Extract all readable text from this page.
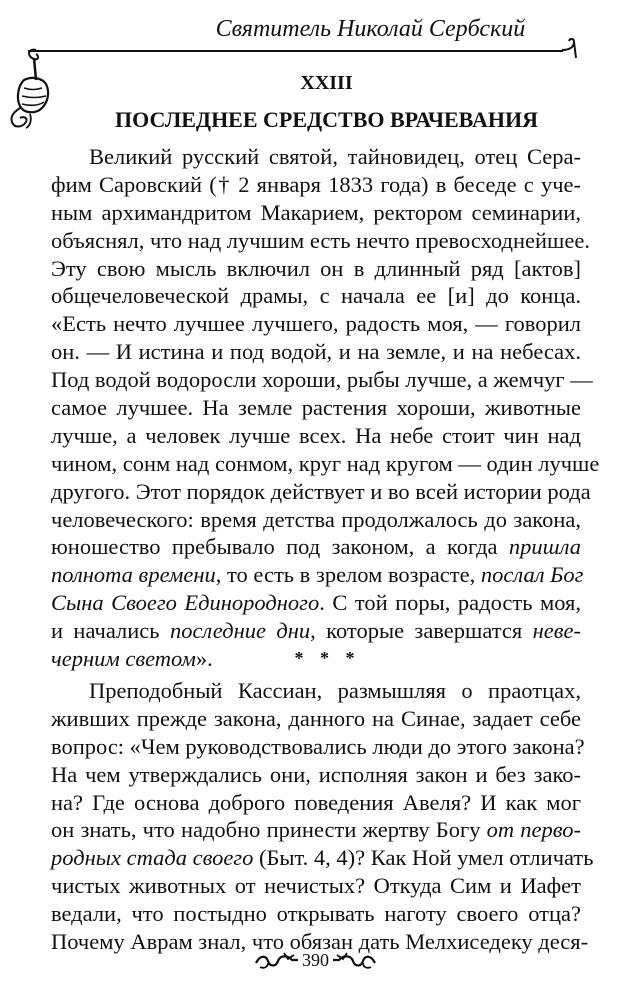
Святитель Николай Сербский
XXIII
ПОСЛЕДНЕЕ СРЕДСТВО ВРАЧЕВАНИЯ
Великий русский святой, тайновидец, отец Сера-
фим Саровский († 2 января 1833 года) в беседе с уче-
ным архимандритом Макарием, ректором семинарии,
объяснял, что над лучшим есть нечто превосходнейшее.
Эту свою мысль включил он в длинный ряд [актов]
общечеловеческой драмы, с начала ее [и] до конца.
«Есть нечто лучшее лучшего, радость моя, — говорил
он. — И истина и под водой, и на земле, и на небесах.
Под водой водоросли хороши, рыбы лучше, а жемчуг —
самое лучшее. На земле растения хороши, животные
лучше, а человек лучше всех. На небе стоит чин над
чином, сонм над сонмом, круг над кругом — один лучше
другого. Этот порядок действует и во всей истории рода
человеческого: время детства продолжалось до закона,
юношество пребывало под законом, а когда пришла
полнота времени, то есть в зрелом возрасте, послал Бог
Сына Своего Единородного. С той поры, радость моя,
и начались последние дни, которые завершатся неве-
черним светом».	* * *
Преподобный Кассиан, размышляя о праотцах,
живших прежде закона, данного на Синае, задает себе
вопрос: «Чем руководствовались люди до этого закона?
На чем утверждались они, исполняя закон и без зако-
на? Где основа доброго поведения Авеля? И как мог
он знать, что надобно принести жертву Богу от перво-
родных стада своего (Быт. 4, 4)? Как Ной умел отличать
чистых животных от нечистых? Откуда Сим и Иафет
ведали, что постыдно открывать наготу своего отца?
Почему Аврам знал, что обязан дать Мелхиседеку деся-
390
